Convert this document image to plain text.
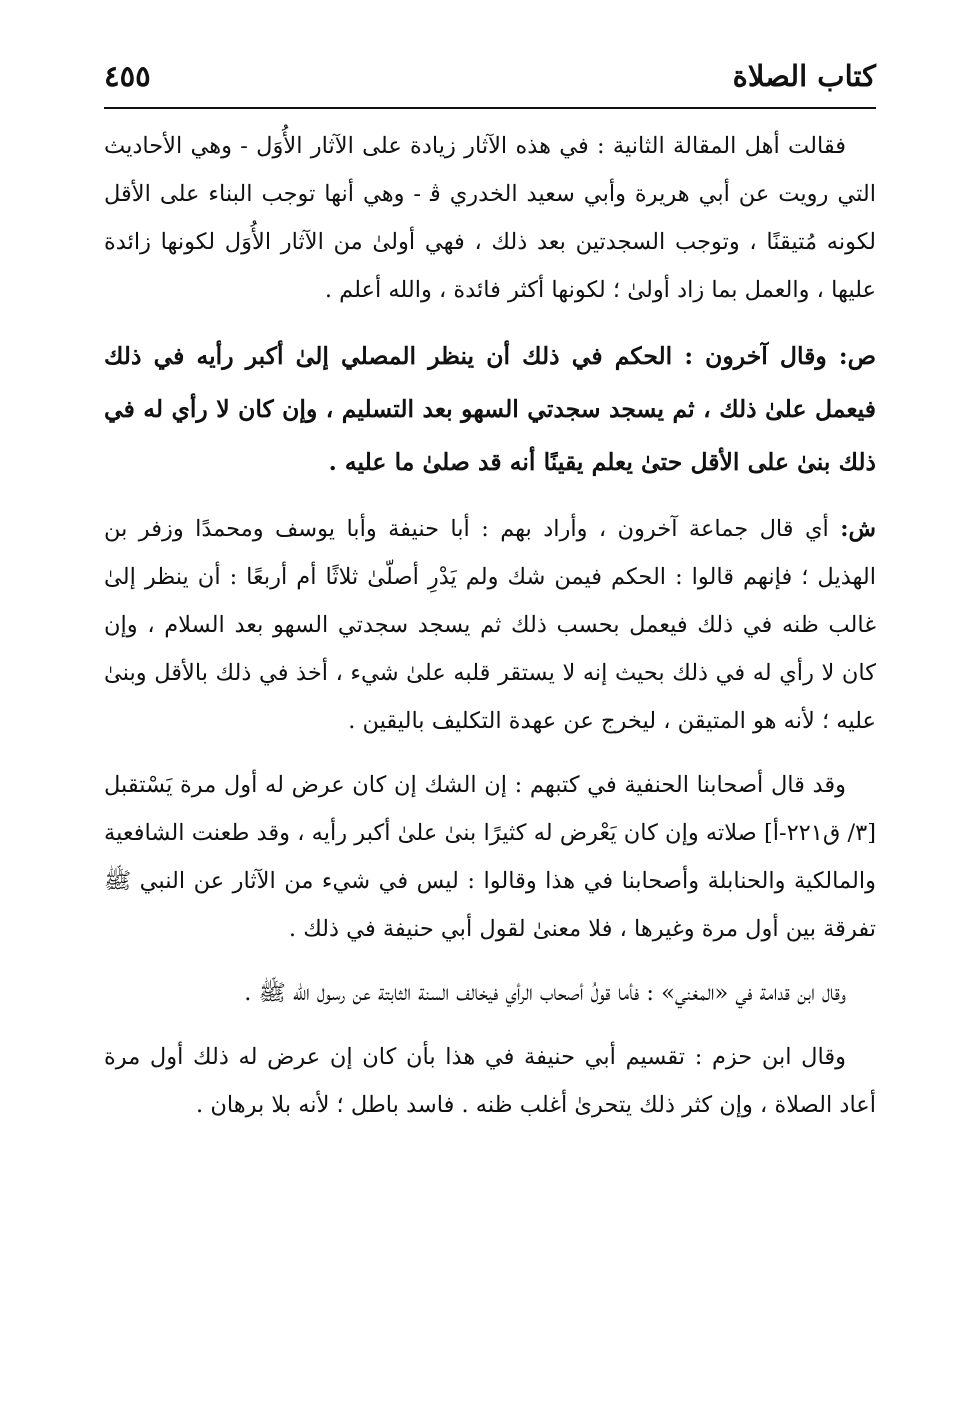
كتاب الصلاة
٤٥٥

فقالت أهل المقالة الثانية : في هذه الآثار زيادة على الآثار الأُوَل - وهي الأحاديث التي رويت عن أبي هريرة وأبي سعيد الخدري ﭬ - وهي أنها توجب البناء على الأقل لكونه مُتيقنًا ، وتوجب السجدتين بعد ذلك ، فهي أولىٰ من الآثار الأُوَل لكونها زائدة عليها ، والعمل بما زاد أولىٰ ؛ لكونها أكثر فائدة ، والله أعلم .

ص: وقال آخرون : الحكم في ذلك أن ينظر المصلي إلىٰ أكبر رأيه في ذلك فيعمل علىٰ ذلك ، ثم يسجد سجدتي السهو بعد التسليم ، وإن كان لا رأي له في ذلك بنىٰ على الأقل حتىٰ يعلم يقينًا أنه قد صلىٰ ما عليه .

ش: أي قال جماعة آخرون ، وأراد بهم : أبا حنيفة وأبا يوسف ومحمدًا وزفر بن الهذيل ؛ فإنهم قالوا : الحكم فيمن شك ولم يَدْرِ أصلّىٰ ثلاثًا أم أربعًا : أن ينظر إلىٰ غالب ظنه في ذلك فيعمل بحسب ذلك ثم يسجد سجدتي السهو بعد السلام ، وإن كان لا رأي له في ذلك بحيث إنه لا يستقر قلبه علىٰ شيء ، أخذ في ذلك بالأقل وبنىٰ عليه ؛ لأنه هو المتيقن ، ليخرج عن عهدة التكليف باليقين .

وقد قال أصحابنا الحنفية في كتبهم : إن الشك إن كان عرض له أول مرة يَسْتقبل [٣/ ق٢٢١-أ] صلاته وإن كان يَعْرض له كثيرًا بنىٰ علىٰ أكبر رأيه ، وقد طعنت الشافعية والمالكية والحنابلة وأصحابنا في هذا وقالوا : ليس في شيء من الآثار عن النبي ﷺ تفرقة بين أول مرة وغيرها ، فلا معنىٰ لقول أبي حنيفة في ذلك .

وقال ابن قدامة في «المغني» : فأما قولُ أصحاب الرأي فيخالف السنة الثابتة عن رسول الله ﷺ .

وقال ابن حزم : تقسيم أبي حنيفة في هذا بأن كان إن عرض له ذلك أول مرة أعاد الصلاة ، وإن كثر ذلك يتحرىٰ أغلب ظنه . فاسد باطل ؛ لأنه بلا برهان .
